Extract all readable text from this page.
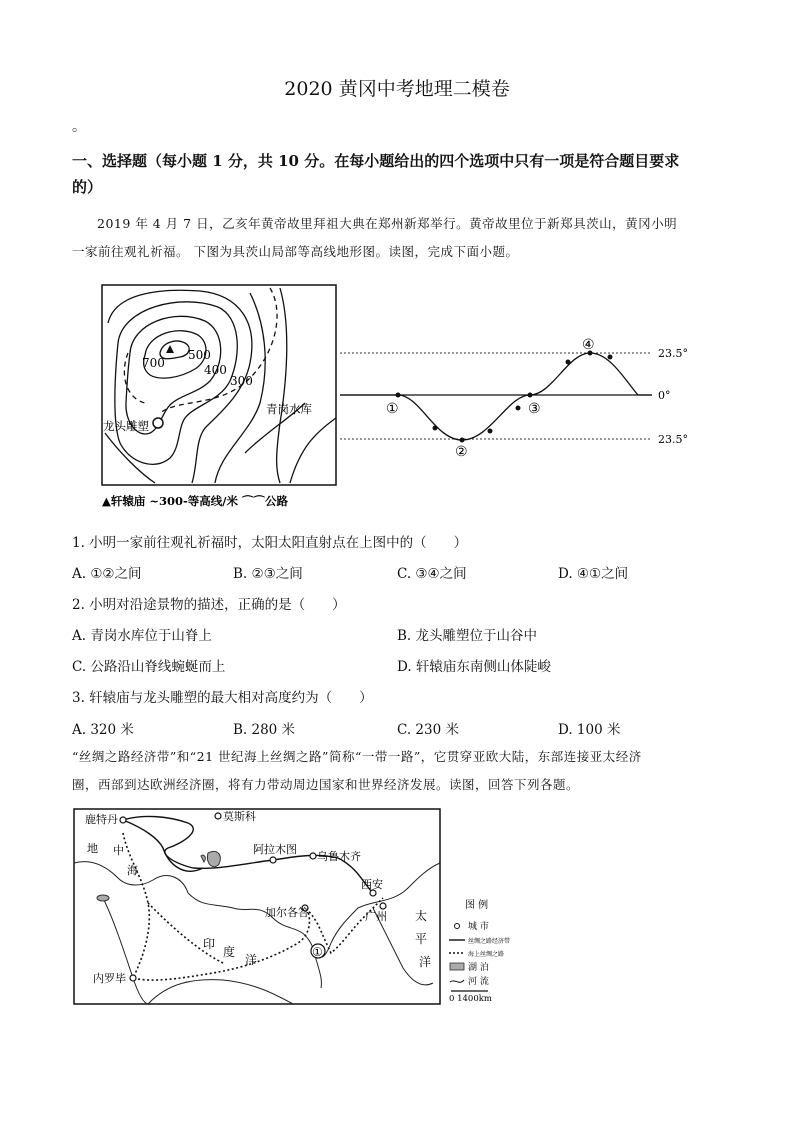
2020 黄冈中考地理二模卷
。
一、选择题（每小题 1 分，共 10 分。在每小题给出的四个选项中只有一项是符合题目要求
的）
2019 年 4 月 7 日，乙亥年黄帝故里拜祖大典在郑州新郑举行。黄帝故里位于新郑具茨山，黄冈小明
一家前往观礼祈福。 下图为具茨山局部等高线地形图。读图，完成下面小题。
700
500
400
300
青岗水库
龙头雕塑
▲轩辕庙 ~300-等高线/米 ⌒⌒公路
23.5°
0°
23.5°
①
②
③
④
1. 小明一家前往观礼祈福时，太阳太阳直射点在上图中的（　　）
A. ①②之间	B. ②③之间	C. ③④之间	D. ④①之间
2. 小明对沿途景物的描述，正确的是（　　）
A. 青岗水库位于山脊上	B. 龙头雕塑位于山谷中
C. 公路沿山脊线蜿蜒而上	D. 轩辕庙东南侧山体陡峻
3. 轩辕庙与龙头雕塑的最大相对高度约为（　　）
A. 320 米	B. 280 米	C. 230 米	D. 100 米
“丝绸之路经济带”和“21 世纪海上丝绸之路”简称“一带一路”，它贯穿亚欧大陆，东部连接亚太经济
圈，西部到达欧洲经济圈，将有力带动周边国家和世界经济发展。读图，回答下列各题。
鹿特丹	莫斯科
阿拉木图
乌鲁木齐
西安
广州
加尔各答
内罗毕
地 中
海
印
度
洋
太
平
洋
①
图 例
城 市
丝绸之路经济带
海上丝绸之路
湖 泊
河 流
0 1400km
